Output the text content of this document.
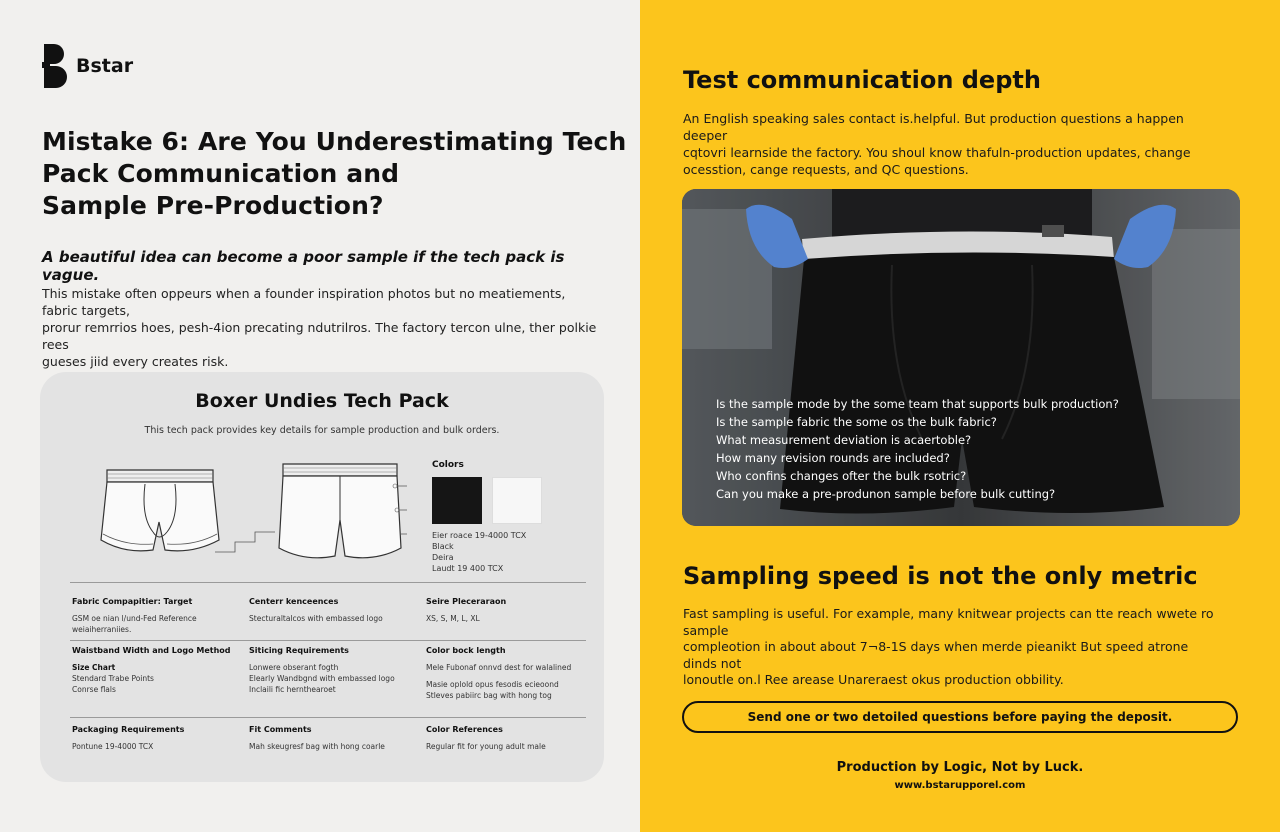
Bstar
Mistake 6: Are You Underestimating Tech
Pack Communication and
Sample Pre-Production?
A beautiful idea can become a poor sample if the tech pack is vague.
This mistake often oppeurs when a founder inspiration photos but no meatiements, fabric targets,
prorur remrrios hoes, pesh-4ion precating ndutrilros. The factory tercon ulne, ther polkie rees
gueses jiid every creates risk.
Boxer Undies Tech Pack
This tech pack provides key details for sample production and bulk orders.
Colors
Eier roace 19-4000 TCX
Black
Deira
Laudt 19 400 TCX
Fabric Compapitier: Target
GSM oe nian l/und-Fed Reference
weiaiherraniies.
Centerr kenceences
Stecturaltalcos with embassed logo
Seire Pleceraraon
XS, S, M, L, XL
Waistband Width and Logo Method
Size Chart
Stendard Trabe Points
Conrse flals
Siticing Requirements
Lonwere obserant fogth
Elearly Wandbgnd with embassed logo
Inclaili fic hernthearoet
Color bock length
Mele Fubonaf onnvd dest for walalined
Masie oplold opus fesodis ecieoond
Stleves pabiirc bag with hong tog
Packaging Requirements
Pontune 19-4000 TCX
Fit Comments
Mah skeugresf bag with hong coarle
Color References
Regular fit for young adult male
Test communication depth
An English speaking sales contact is.helpful. But production questions a happen deeper
cqtovri learnside the factory. You shoul know thafuln-production updates, change
ocesstion, cange requests, and QC questions.
Is the sample mode by the some team that supports bulk production?
Is the sample fabric the some os the bulk fabric?
What measurement deviation is acaertoble?
How many revision rounds are included?
Who confins changes ofter the bulk rsotric?
Can you make a pre-produnon sample before bulk cutting?
Sampling speed is not the only metric
Fast sampling is useful. For example, many knitwear projects can tte reach wwete ro sample
compleotion in about about 7¬8-1S days when merde pieanikt But speed atrone dinds not
lonoutle on.l Ree arease Unareraest okus production obbility.
Send one or two detoiled questions before paying the deposit.
Production by Logic, Not by Luck.
www.bstarupporel.com
